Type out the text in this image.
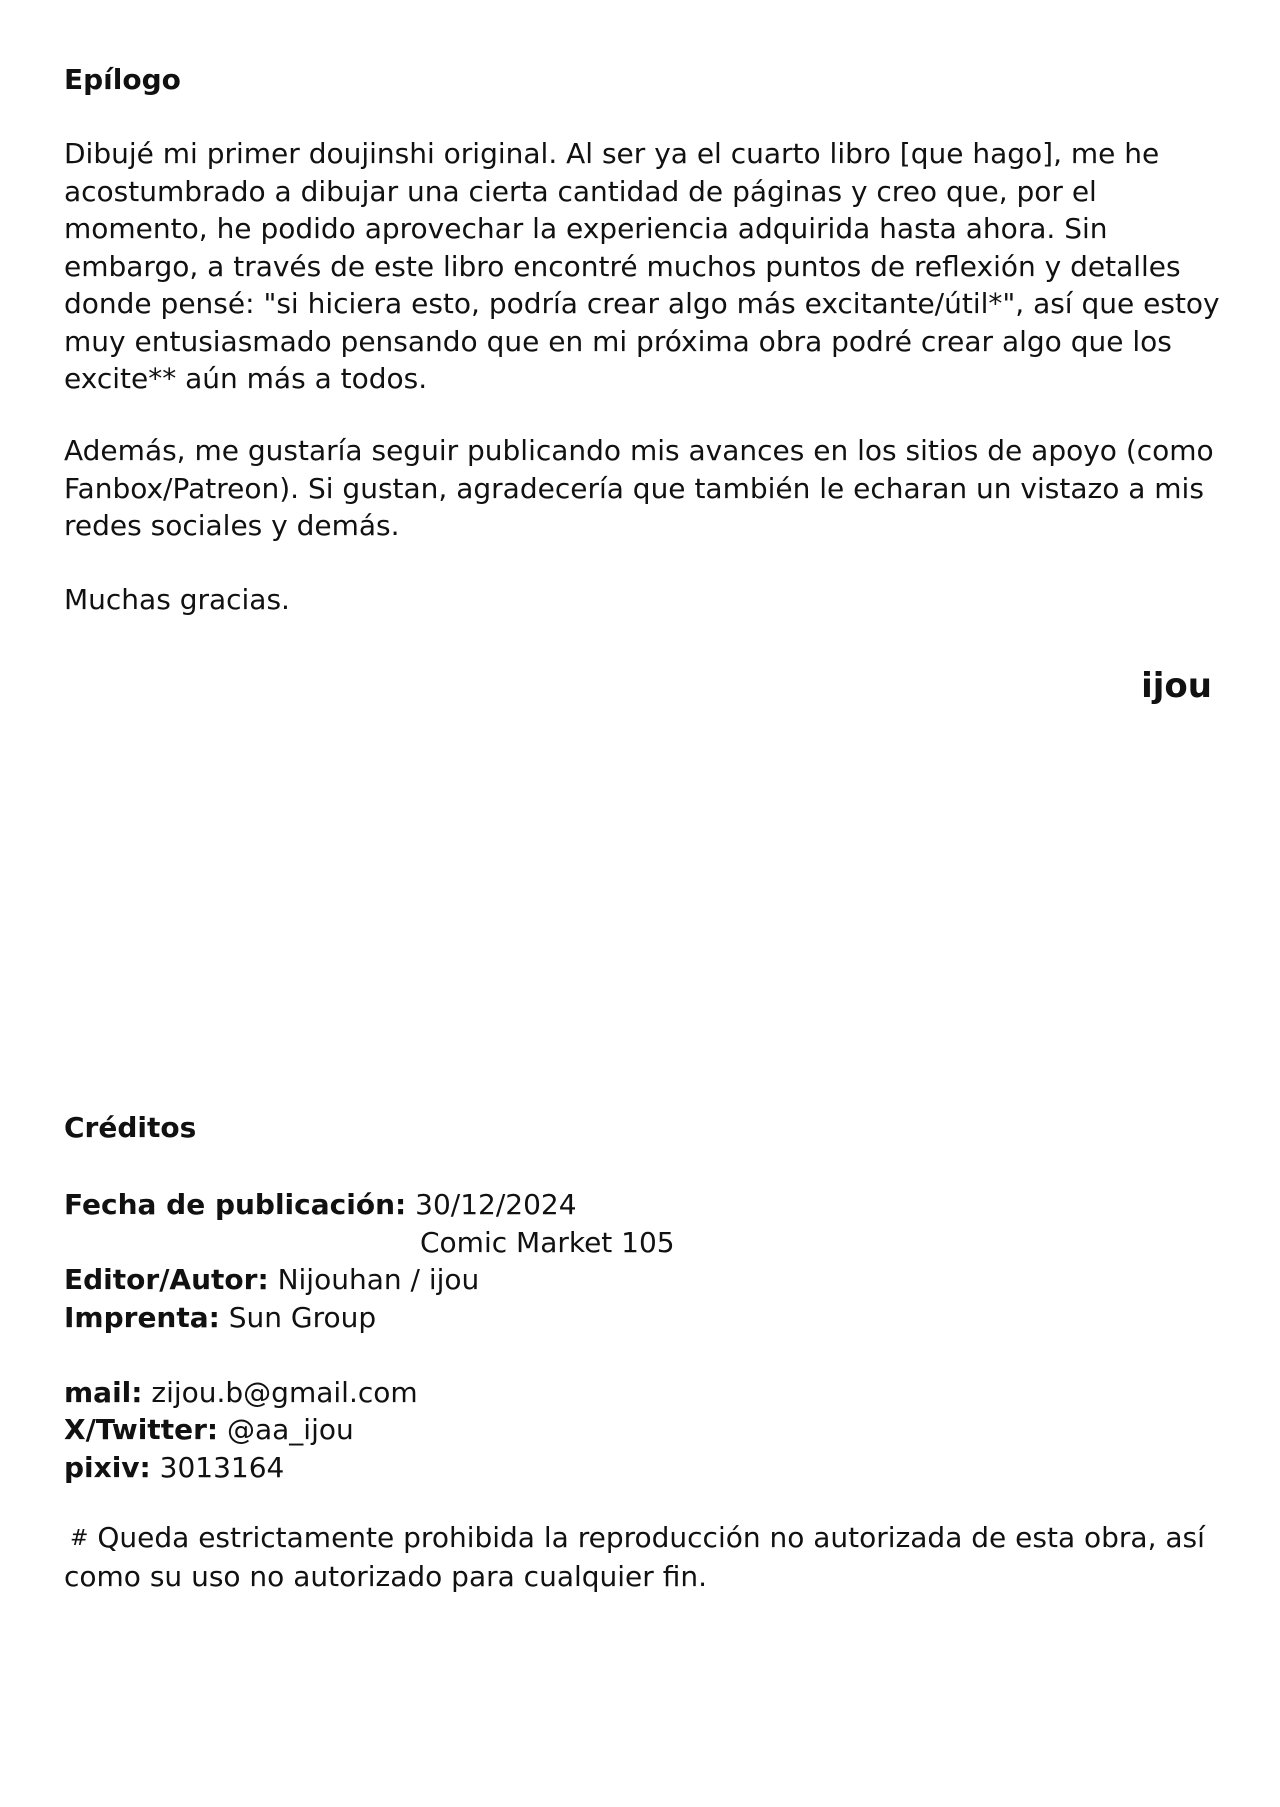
Epílogo

Dibujé mi primer doujinshi original. Al ser ya el cuarto libro [que hago], me he acostumbrado a dibujar una cierta cantidad de páginas y creo que, por el momento, he podido aprovechar la experiencia adquirida hasta ahora. Sin embargo, a través de este libro encontré muchos puntos de reflexión y detalles donde pensé: "si hiciera esto, podría crear algo más excitante/útil*", así que estoy muy entusiasmado pensando que en mi próxima obra podré crear algo que los excite** aún más a todos.

Además, me gustaría seguir publicando mis avances en los sitios de apoyo (como Fanbox/Patreon). Si gustan, agradecería que también le echaran un vistazo a mis redes sociales y demás.

Muchas gracias.

ijou
Créditos
Fecha de publicación: 30/12/2024
Comic Market 105
Editor/Autor: Nijouhan / ijou
Imprenta: Sun Group
mail: zijou.b@gmail.com
X/Twitter: @aa_ijou
pixiv: 3013164
# Queda estrictamente prohibida la reproducción no autorizada de esta obra, así como su uso no autorizado para cualquier fin.
